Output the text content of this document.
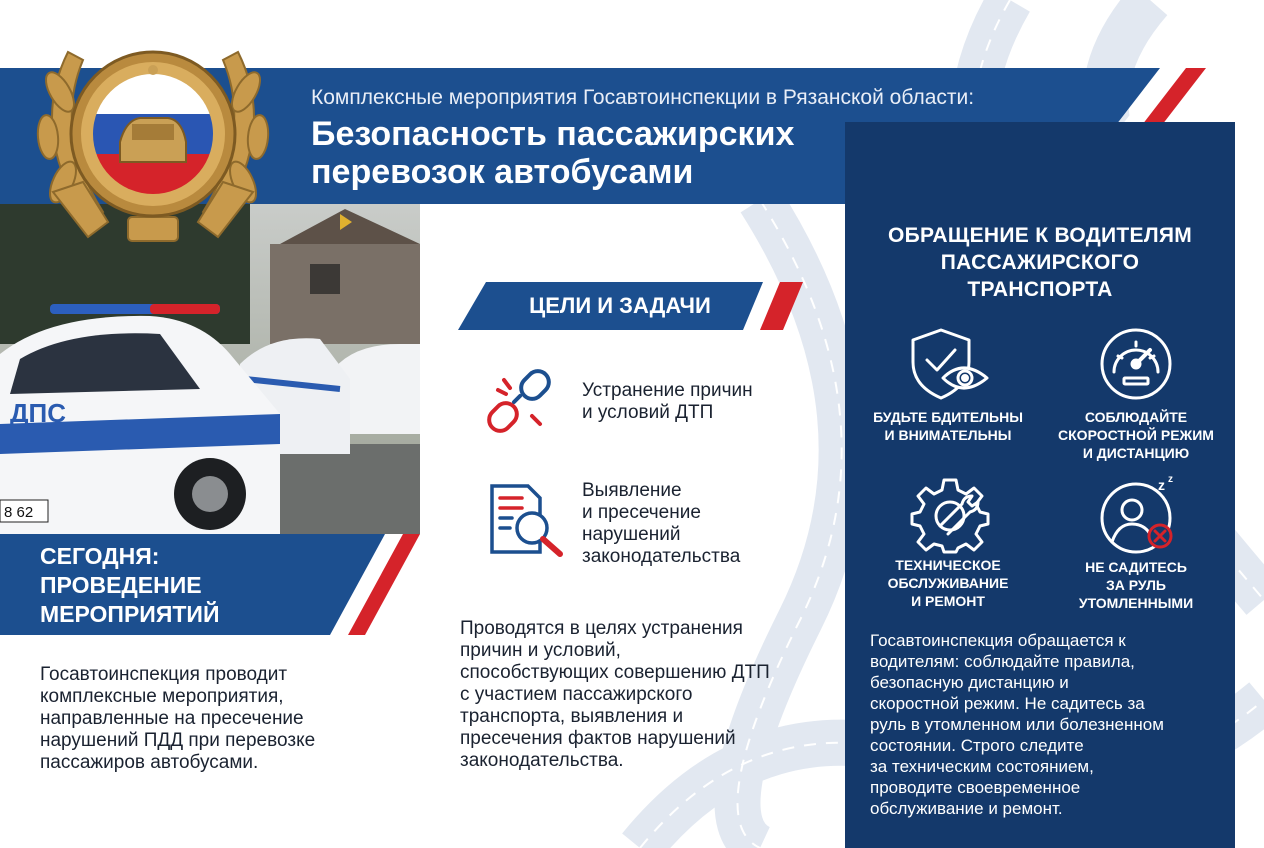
Комплексные мероприятия Госавтоинспекции в Рязанской области:
Безопасность пассажирских
перевозок автобусами
ДПС
8 62
СЕГОДНЯ:
ПРОВЕДЕНИЕ
МЕРОПРИЯТИЙ
Госавтоинспекция проводит
комплексные мероприятия,
направленные на пресечение
нарушений ПДД при перевозке
пассажиров автобусами.
ЦЕЛИ И ЗАДАЧИ
Устранение причин
и условий ДТП
Выявление
и пресечение
нарушений
законодательства
Проводятся в целях устранения
причин и условий,
способствующих совершению ДТП
с участием пассажирского
транспорта, выявления и
пресечения фактов нарушений
законодательства.
ОБРАЩЕНИЕ К ВОДИТЕЛЯМ
ПАССАЖИРСКОГО
ТРАНСПОРТА
БУДЬТЕ БДИТЕЛЬНЫ
И ВНИМАТЕЛЬНЫ
СОБЛЮДАЙТЕ
СКОРОСТНОЙ РЕЖИМ
И ДИСТАНЦИЮ
ТЕХНИЧЕСКОЕ
ОБСЛУЖИВАНИЕ
И РЕМОНТ
z z
НЕ САДИТЕСЬ
ЗА РУЛЬ
УТОМЛЕННЫМИ
Госавтоинспекция обращается к
водителям: соблюдайте правила,
безопасную дистанцию и
скоростной режим. Не садитесь за
руль в утомленном или болезненном
состоянии. Строго следите
за техническим состоянием,
проводите своевременное
обслуживание и ремонт.
